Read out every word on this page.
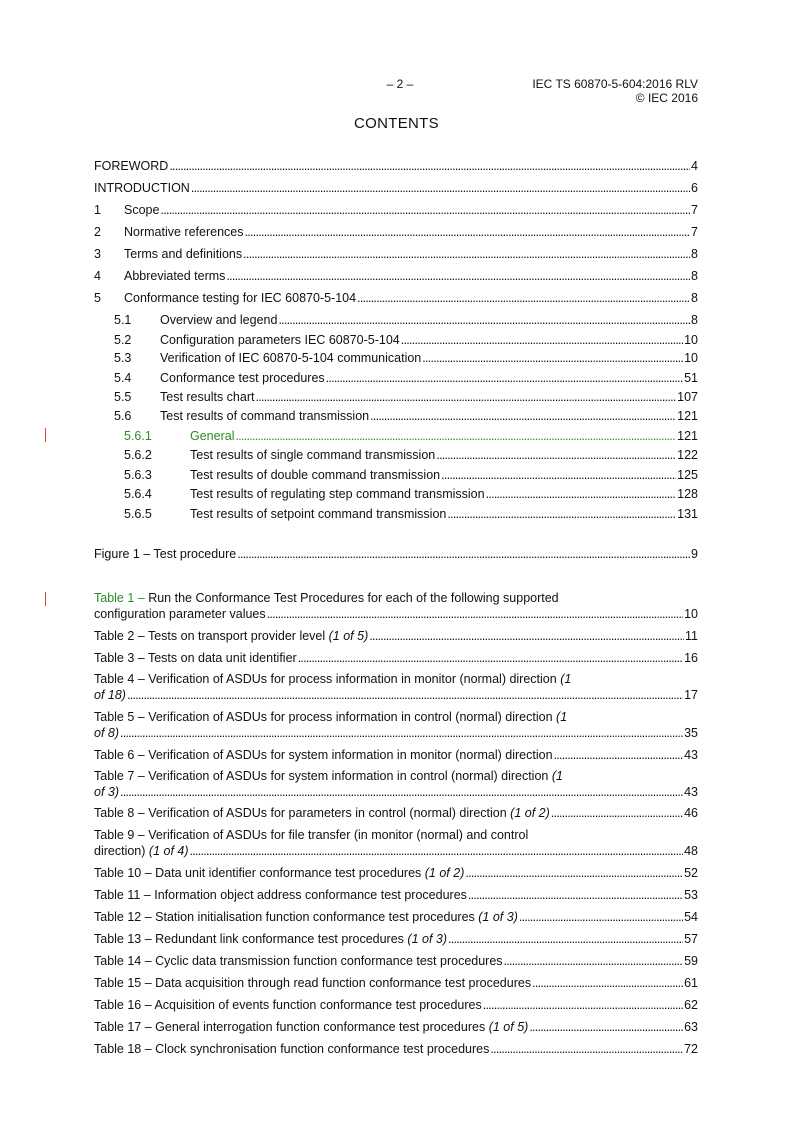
– 2 –	IEC TS 60870-5-604:2016 RLV
© IEC 2016
CONTENTS
FOREWORD . . .	4
INTRODUCTION . . .	6
1	Scope . . .	7
2	Normative references . . .	7
3	Terms and definitions . . .	8
4	Abbreviated terms . . .	8
5	Conformance testing for IEC 60870-5-104 . . .	8
5.1	Overview and legend . . .	8
5.2	Configuration parameters IEC 60870-5-104 . . .	10
5.3	Verification of IEC 60870-5-104 communication . . .	10
5.4	Conformance test procedures . . .	51
5.5	Test results chart . . .	107
5.6	Test results of command transmission . . .	121
5.6.1	General . . .	121
5.6.2	Test results of single command transmission . . .	122
5.6.3	Test results of double command transmission . . .	125
5.6.4	Test results of regulating step command transmission . . .	128
5.6.5	Test results of setpoint command transmission . . .	131
Figure 1 – Test procedure . . .	9
Table 1 – Run the Conformance Test Procedures for each of the following supported
configuration parameter values . . .	10
Table 2 – Tests on transport provider level
(1 of 5) . . .	11
Table 3 – Tests on data unit identifier . . .	16
Table 4 – Verification of ASDUs for process information in monitor (normal) direction (1
of 18) . . .	17
Table 5 – Verification of ASDUs for process information in control (normal) direction (1
of 8) . . .	35
Table 6 – Verification of ASDUs for system information in monitor (normal) direction . . .	43
Table 7 – Verification of ASDUs for system information in control (normal) direction (1
of 3) . . .	43
Table 8 – Verification of ASDUs for parameters in control (normal) direction
(1 of 2) . . .	46
Table 9 – Verification of ASDUs for file transfer (in monitor (normal) and control
direction)
(1 of 4) . . .	48
Table 10 – Data unit identifier conformance test procedures
(1 of 2) . . .	52
Table 11 – Information object address conformance test procedures . . .	53
Table 12 – Station initialisation function conformance test procedures
(1 of 3) . . .	54
Table 13 – Redundant link conformance test procedures
(1 of 3) . . .	57
Table 14 – Cyclic data transmission function conformance test procedures . . .	59
Table 15 – Data acquisition through read function conformance test procedures . . .	61
Table 16 – Acquisition of events function conformance test procedures . . .	62
Table 17 – General interrogation function conformance test procedures
(1 of 5) . . .	63
Table 18 – Clock synchronisation function conformance test procedures . . .	72
